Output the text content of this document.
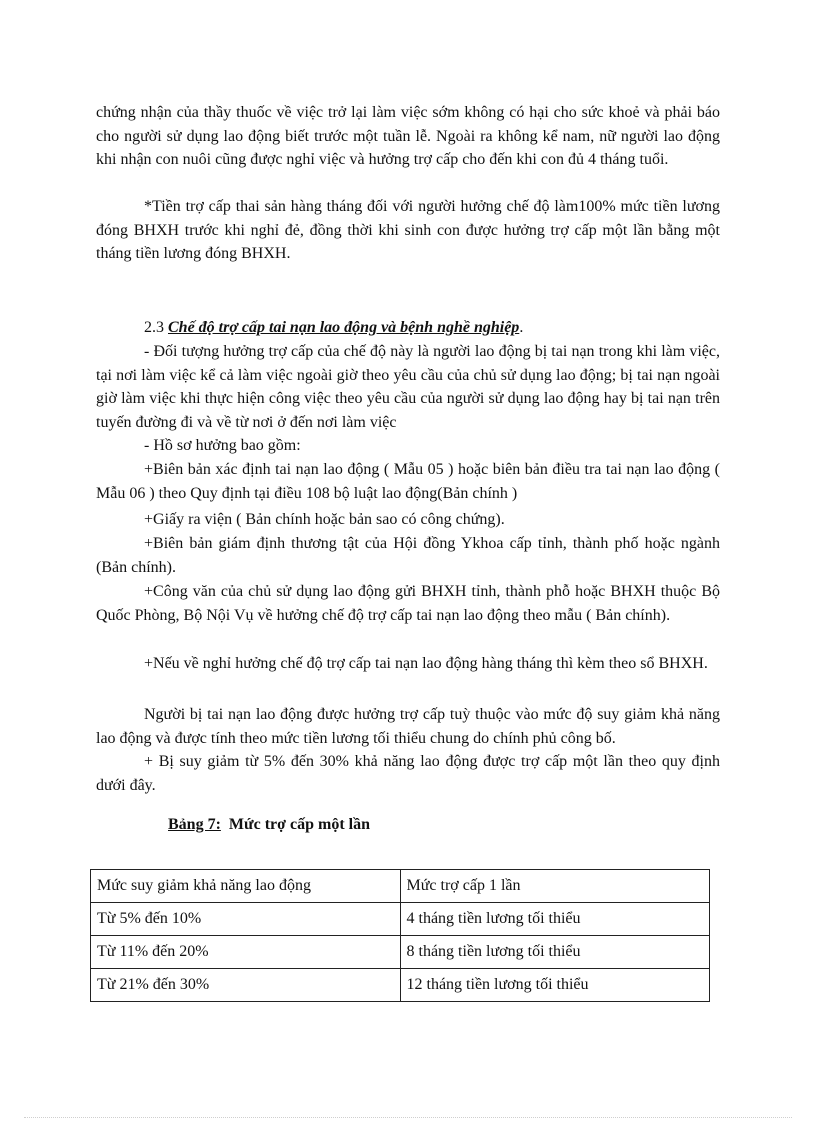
chứng nhận của thầy thuốc về việc trở lại làm việc sớm không có hại cho sức khoẻ và phải báo cho người sử dụng lao động biết trước một tuần lễ. Ngoài ra không kể nam, nữ người lao động khi nhận con nuôi cũng được nghỉ việc và hưởng trợ cấp cho đến khi con đủ 4 tháng tuổi.

*Tiền trợ cấp thai sản hàng tháng đối với người hưởng chế độ làm100% mức tiền lương đóng BHXH trước khi nghỉ đẻ, đồng thời khi sinh con được hưởng trợ cấp một lần bằng một tháng tiền lương đóng BHXH.

2.3 Chế độ trợ cấp tai nạn lao động và bệnh nghề nghiệp.

- Đối tượng hưởng trợ cấp của chế độ này là người lao động bị tai nạn trong khi làm việc, tại nơi làm việc kể cả làm việc ngoài giờ theo yêu cầu của chủ sử dụng lao động; bị tai nạn ngoài giờ làm việc khi thực hiện công việc theo yêu cầu của người sử dụng lao động hay bị tai nạn trên tuyến đường đi và về từ nơi ở đến nơi làm việc

- Hồ sơ hưởng bao gồm:

+Biên bản xác định tai nạn lao động ( Mẫu 05 ) hoặc biên bản điều tra tai nạn lao động ( Mẫu 06 ) theo Quy định tại điều 108 bộ luật lao động(Bản chính )

+Giấy ra viện ( Bản chính hoặc bản sao có công chứng).

+Biên bản giám định thương tật của Hội đồng Ykhoa cấp tỉnh, thành phố hoặc ngành (Bản chính).

+Công văn của chủ sử dụng lao động gửi BHXH tỉnh, thành phỗ hoặc BHXH thuộc Bộ Quốc Phòng, Bộ Nội Vụ về hưởng chế độ trợ cấp tai nạn lao động theo mẫu ( Bản chính).

+Nếu về nghỉ hưởng chế độ trợ cấp tai nạn lao động hàng tháng thì kèm theo sổ BHXH.

Người bị tai nạn lao động được hưởng trợ cấp tuỳ thuộc vào mức độ suy giảm khả năng lao động và được tính theo mức tiền lương tối thiểu chung do chính phủ công bố.

+ Bị suy giảm từ 5% đến 30% khả năng lao động được trợ cấp một lần theo quy định dưới đây.

Bảng 7: Mức trợ cấp một lần

Mức suy giảm khả năng lao động	Mức trợ cấp 1 lần
Từ 5% đến 10%	4 tháng tiền lương tối thiểu
Từ 11% đến 20%	8 tháng tiền lương tối thiểu
Từ 21% đến 30%	12 tháng tiền lương tối thiểu
